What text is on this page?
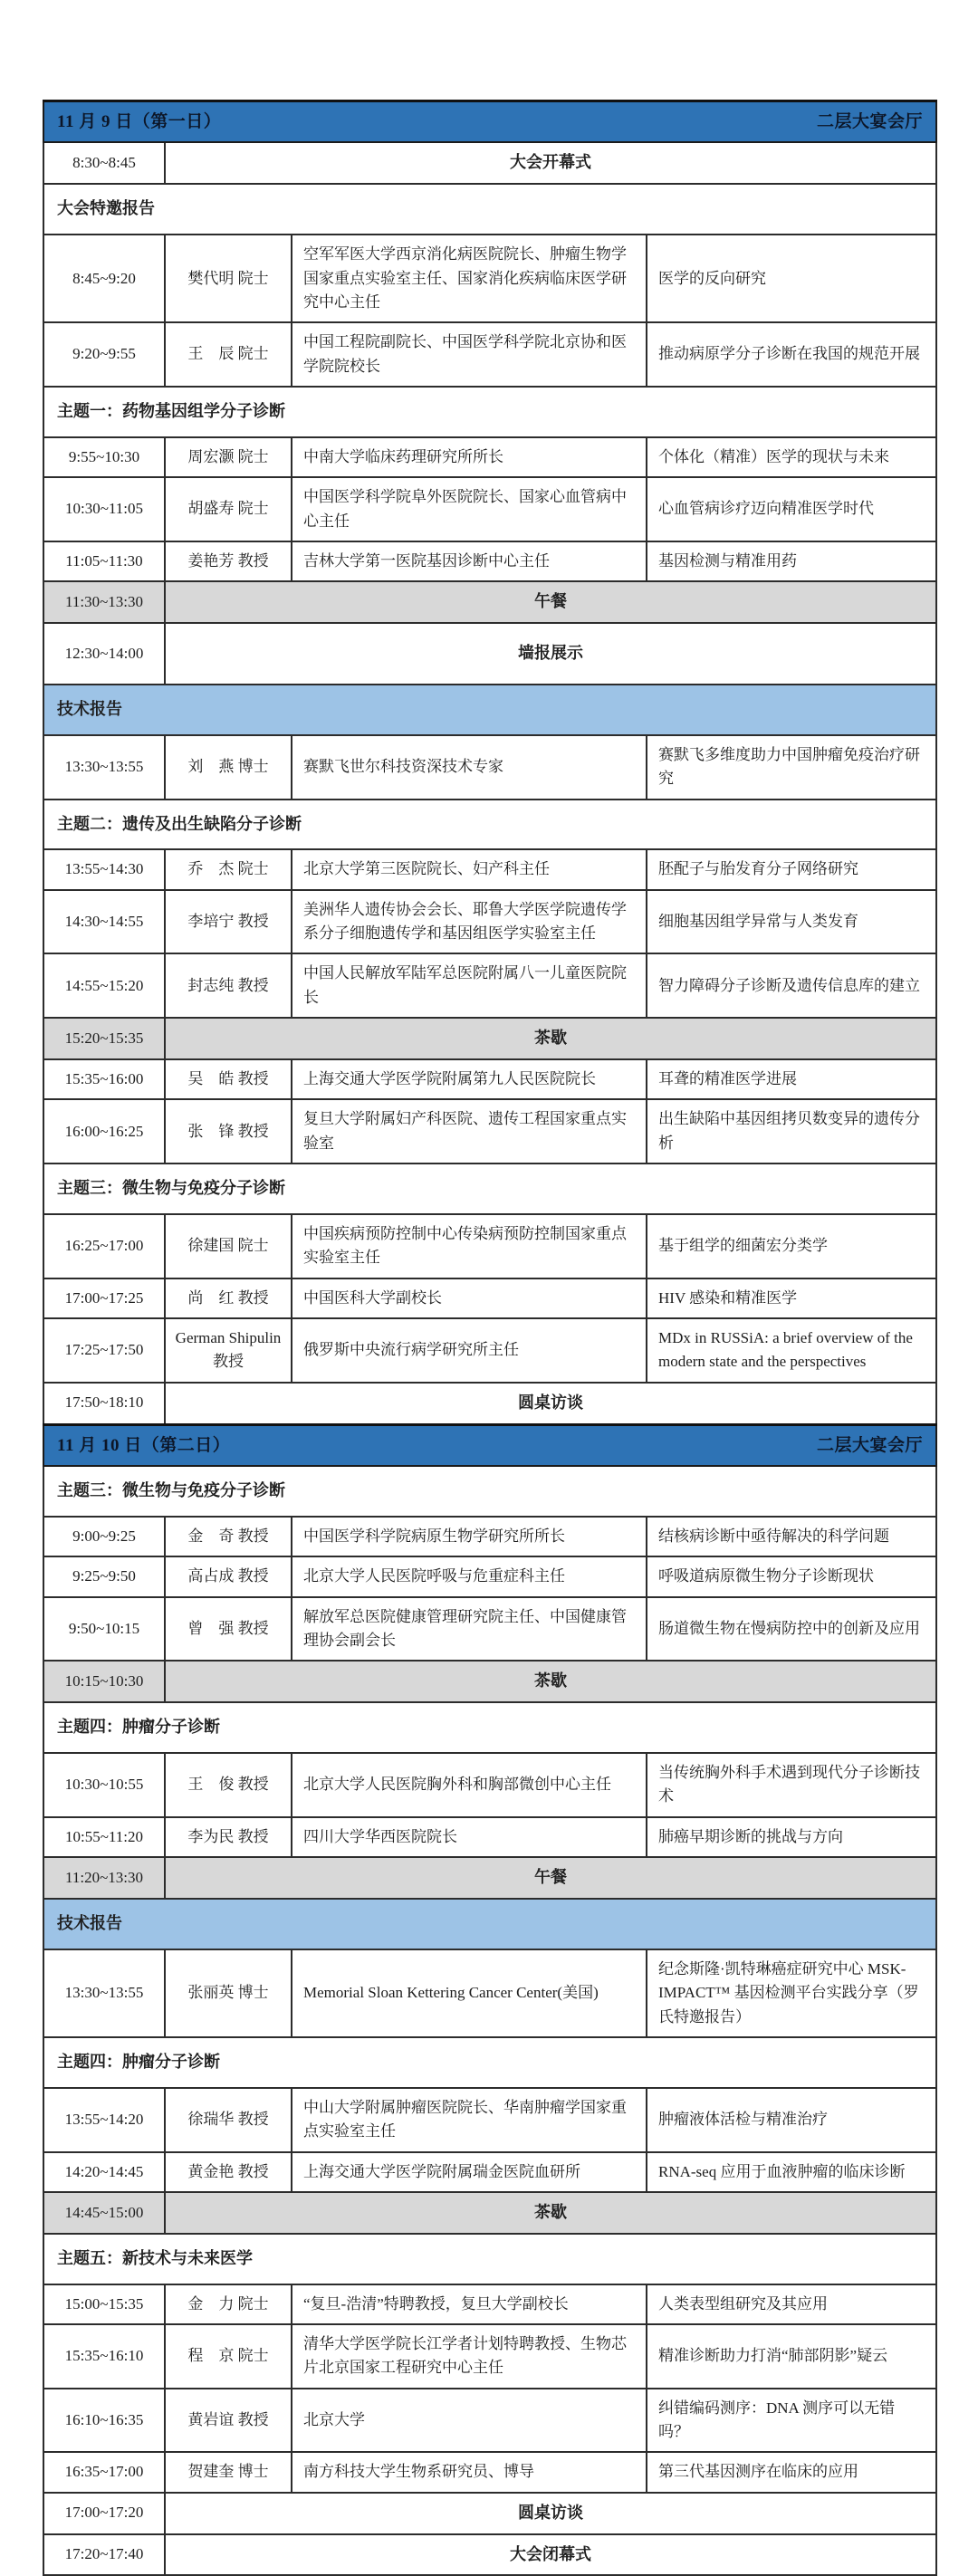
11 月 9 日（第一日） 二层大宴会厅			

8:30~8:45	大会开幕式		
大会特邀报告			
8:45~9:20	樊代明 院士	空军军医大学西京消化病医院院长、肿瘤生物学国家重点实验室主任、国家消化疾病临床医学研究中心主任	医学的反向研究
9:20~9:55	王　辰 院士	中国工程院副院长、中国医学科学院北京协和医学院院校长	推动病原学分子诊断在我国的规范开展
主题一：药物基因组学分子诊断			
9:55~10:30	周宏灏 院士	中南大学临床药理研究所所长	个体化（精准）医学的现状与未来
10:30~11:05	胡盛寿 院士	中国医学科学院阜外医院院长、国家心血管病中心主任	心血管病诊疗迈向精准医学时代
11:05~11:30	姜艳芳 教授	吉林大学第一医院基因诊断中心主任	基因检测与精准用药
11:30~13:30	午餐		
12:30~14:00	墙报展示		
技术报告			
13:30~13:55	刘　燕 博士	赛默飞世尔科技资深技术专家	赛默飞多维度助力中国肿瘤免疫治疗研究
主题二：遗传及出生缺陷分子诊断			
13:55~14:30	乔　杰 院士	北京大学第三医院院长、妇产科主任	胚配子与胎发育分子网络研究
14:30~14:55	李培宁 教授	美洲华人遗传协会会长、耶鲁大学医学院遗传学系分子细胞遗传学和基因组医学实验室主任	细胞基因组学异常与人类发育
14:55~15:20	封志纯 教授	中国人民解放军陆军总医院附属八一儿童医院院长	智力障碍分子诊断及遗传信息库的建立
15:20~15:35	茶歇		
15:35~16:00	吴　皓 教授	上海交通大学医学院附属第九人民医院院长	耳聋的精准医学进展
16:00~16:25	张　锋 教授	复旦大学附属妇产科医院、遗传工程国家重点实验室	出生缺陷中基因组拷贝数变异的遗传分析
主题三：微生物与免疫分子诊断			
16:25~17:00	徐建国 院士	中国疾病预防控制中心传染病预防控制国家重点实验室主任	基于组学的细菌宏分类学
17:00~17:25	尚　红 教授	中国医科大学副校长	HIV 感染和精准医学
17:25~17:50	German Shipulin 教授	俄罗斯中央流行病学研究所主任	MDx in RUSSiA: a brief overview of the modern state and the perspectives
17:50~18:10	圆桌访谈		

11 月 10 日（第二日） 二层大宴会厅			

主题三：微生物与免疫分子诊断			
9:00~9:25	金　奇 教授	中国医学科学院病原生物学研究所所长	结核病诊断中亟待解决的科学问题
9:25~9:50	高占成 教授	北京大学人民医院呼吸与危重症科主任	呼吸道病原微生物分子诊断现状
9:50~10:15	曾　强 教授	解放军总医院健康管理研究院主任、中国健康管理协会副会长	肠道微生物在慢病防控中的创新及应用
10:15~10:30	茶歇		
主题四：肿瘤分子诊断			
10:30~10:55	王　俊 教授	北京大学人民医院胸外科和胸部微创中心主任	当传统胸外科手术遇到现代分子诊断技术
10:55~11:20	李为民 教授	四川大学华西医院院长	肺癌早期诊断的挑战与方向
11:20~13:30	午餐		
技术报告			
13:30~13:55	张丽英 博士	Memorial Sloan Kettering Cancer Center(美国)	纪念斯隆·凯特琳癌症研究中心 MSK-IMPACT™ 基因检测平台实践分享（罗氏特邀报告）
主题四：肿瘤分子诊断			
13:55~14:20	徐瑞华 教授	中山大学附属肿瘤医院院长、华南肿瘤学国家重点实验室主任	肿瘤液体活检与精准治疗
14:20~14:45	黄金艳 教授	上海交通大学医学院附属瑞金医院血研所	RNA-seq 应用于血液肿瘤的临床诊断
14:45~15:00	茶歇		
主题五：新技术与未来医学			
15:00~15:35	金　力 院士	“复旦-浩清”特聘教授，复旦大学副校长	人类表型组研究及其应用
15:35~16:10	程　京 院士	清华大学医学院长江学者计划特聘教授、生物芯片北京国家工程研究中心主任	精准诊断助力打消“肺部阴影”疑云
16:10~16:35	黄岩谊 教授	北京大学	纠错编码测序：DNA 测序可以无错吗？
16:35~17:00	贺建奎 博士	南方科技大学生物系研究员、博导	第三代基因测序在临床的应用
17:00~17:20	圆桌访谈		
17:20~17:40	大会闭幕式		
